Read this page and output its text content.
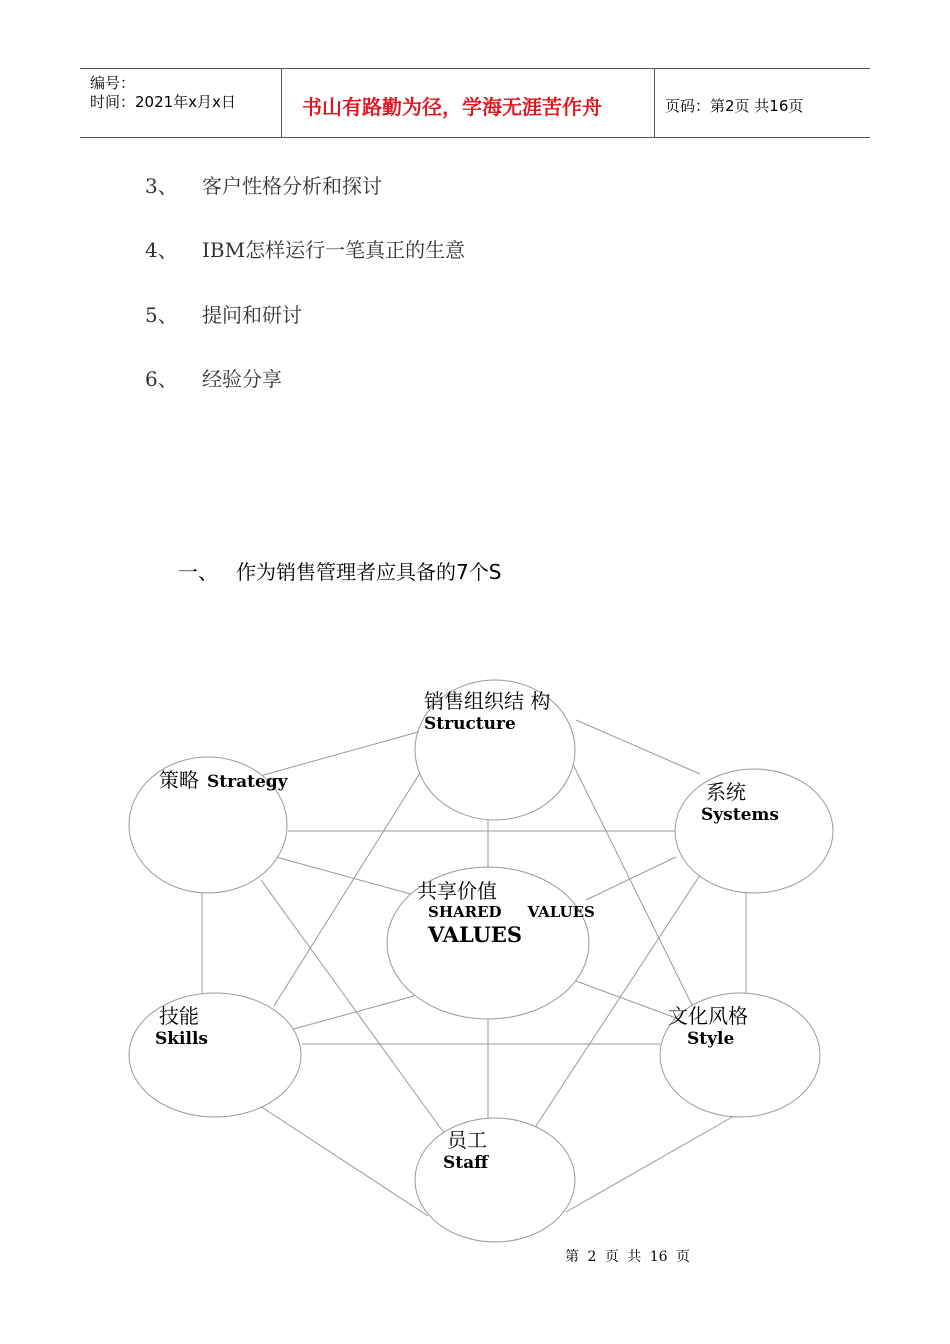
编号：
时间：2021年x月x日	书山有路勤为径，学海无涯苦作舟	页码：第2页 共16页
3、 客户性格分析和探讨
4、 IBM怎样运行一笔真正的生意
5、 提问和研讨
6、 经验分享
一、 作为销售管理者应具备的7个S
销售组织结 构
Structure
策略 Strategy	系统
Systems
共享价值
SHARED     VALUES
VALUES
技能
Skills
文化风格
Style
员工
Staff
第 2 页 共 16 页
